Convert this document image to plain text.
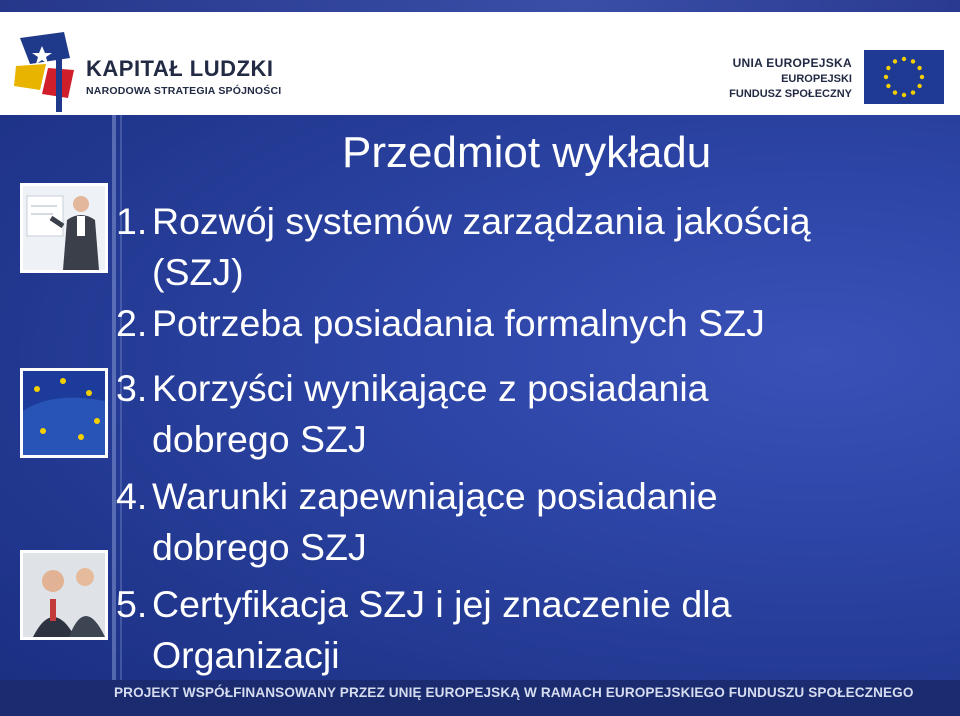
KAPITAŁ LUDZKI
NARODOWA STRATEGIA SPÓJNOŚCI
UNIA EUROPEJSKA
EUROPEJSKI
FUNDUSZ SPOŁECZNY
Przedmiot wykładu
1. Rozwój systemów zarządzania jakością
(SZJ)
2. Potrzeba posiadania formalnych SZJ
3. Korzyści wynikające z posiadania
dobrego SZJ
4. Warunki zapewniające posiadanie
dobrego SZJ
5. Certyfikacja SZJ i jej znaczenie dla
Organizacji
PROJEKT WSPÓŁFINANSOWANY PRZEZ UNIĘ EUROPEJSKĄ W RAMACH EUROPEJSKIEGO FUNDUSZU SPOŁECZNEGO
